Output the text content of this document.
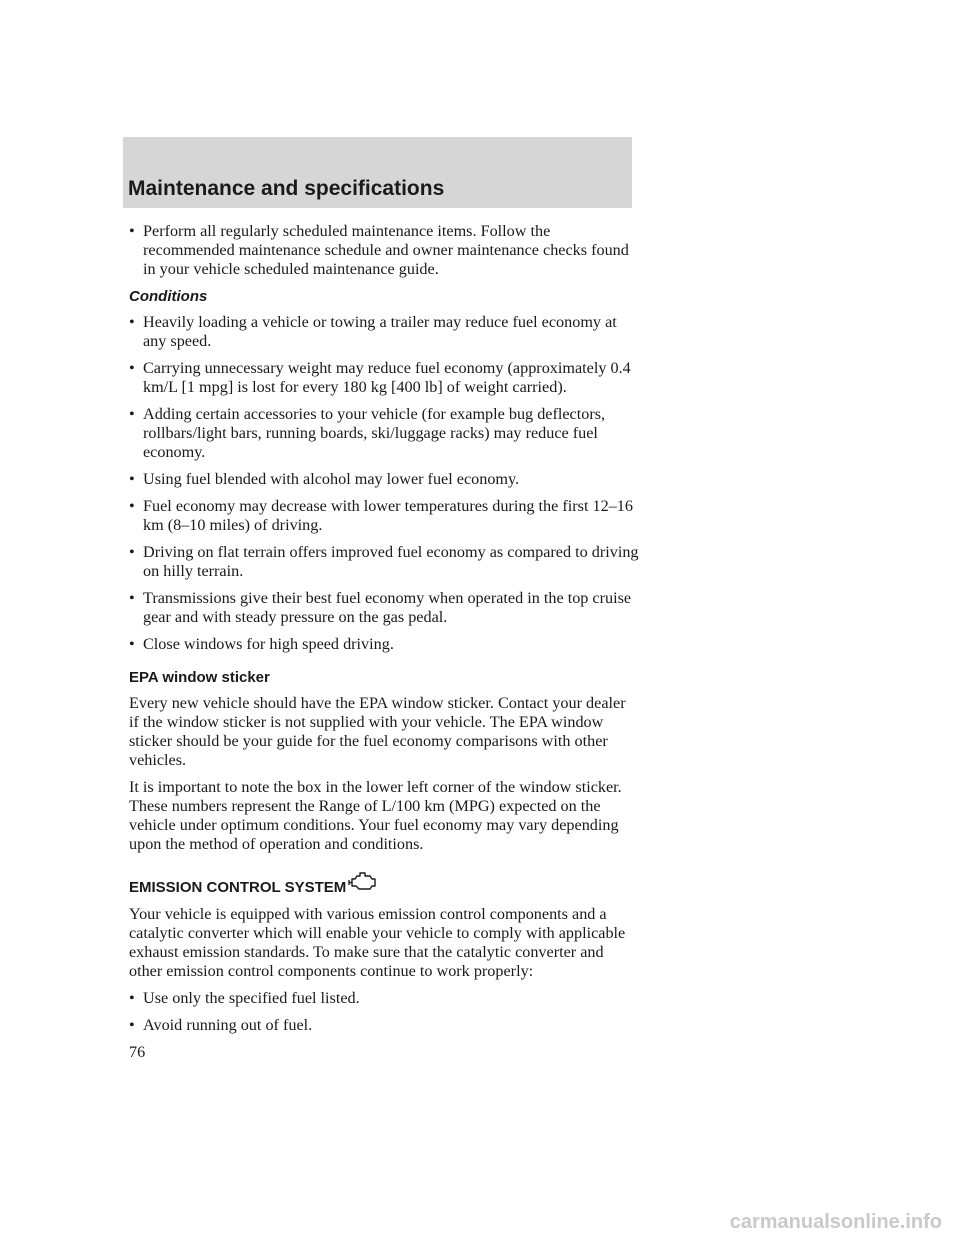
Maintenance and specifications
• Perform all regularly scheduled maintenance items. Follow the recommended maintenance schedule and owner maintenance checks found in your vehicle scheduled maintenance guide.
Conditions
• Heavily loading a vehicle or towing a trailer may reduce fuel economy at any speed.
• Carrying unnecessary weight may reduce fuel economy (approximately 0.4 km/L [1 mpg] is lost for every 180 kg [400 lb] of weight carried).
• Adding certain accessories to your vehicle (for example bug deflectors, rollbars/light bars, running boards, ski/luggage racks) may reduce fuel economy.
• Using fuel blended with alcohol may lower fuel economy.
• Fuel economy may decrease with lower temperatures during the first 12–16 km (8–10 miles) of driving.
• Driving on flat terrain offers improved fuel economy as compared to driving on hilly terrain.
• Transmissions give their best fuel economy when operated in the top cruise gear and with steady pressure on the gas pedal.
• Close windows for high speed driving.
EPA window sticker

Every new vehicle should have the EPA window sticker. Contact your dealer if the window sticker is not supplied with your vehicle. The EPA window sticker should be your guide for the fuel economy comparisons with other vehicles.

It is important to note the box in the lower left corner of the window sticker. These numbers represent the Range of L/100 km (MPG) expected on the vehicle under optimum conditions. Your fuel economy may vary depending upon the method of operation and conditions.

EMISSION CONTROL SYSTEM

Your vehicle is equipped with various emission control components and a catalytic converter which will enable your vehicle to comply with applicable exhaust emission standards. To make sure that the catalytic converter and other emission control components continue to work properly:

• Use only the specified fuel listed.
• Avoid running out of fuel.
76
carmanualsonline.info
